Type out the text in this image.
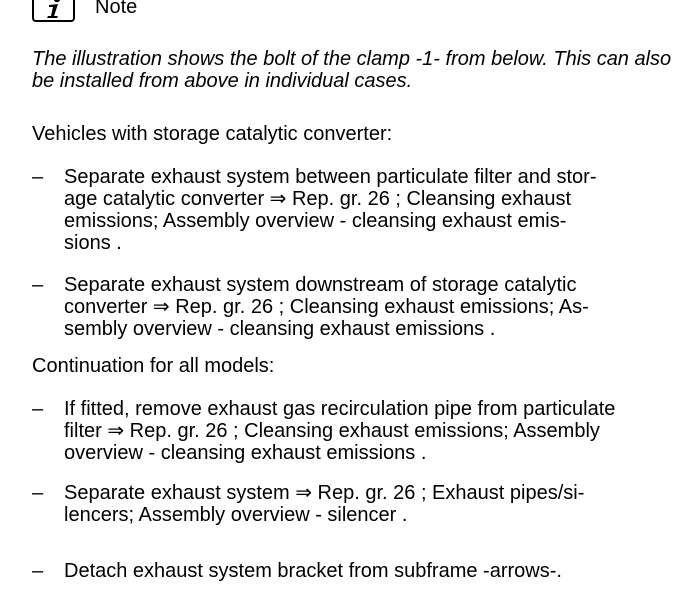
Note

The illustration shows the bolt of the clamp -1- from below. This can also be installed from above in individual cases.

Vehicles with storage catalytic converter:

–	Separate exhaust system between particulate filter and stor-
age catalytic converter ⇒ Rep. gr. 26 ; Cleansing exhaust
emissions; Assembly overview - cleansing exhaust emis-
sions .
–	Separate exhaust system downstream of storage catalytic
converter ⇒ Rep. gr. 26 ; Cleansing exhaust emissions; As-
sembly overview - cleansing exhaust emissions .

Continuation for all models:

–	If fitted, remove exhaust gas recirculation pipe from particulate
filter ⇒ Rep. gr. 26 ; Cleansing exhaust emissions; Assembly
overview - cleansing exhaust emissions .
–	Separate exhaust system ⇒ Rep. gr. 26 ; Exhaust pipes/si-
lencers; Assembly overview - silencer .
–	Detach exhaust system bracket from subframe -arrows-.
